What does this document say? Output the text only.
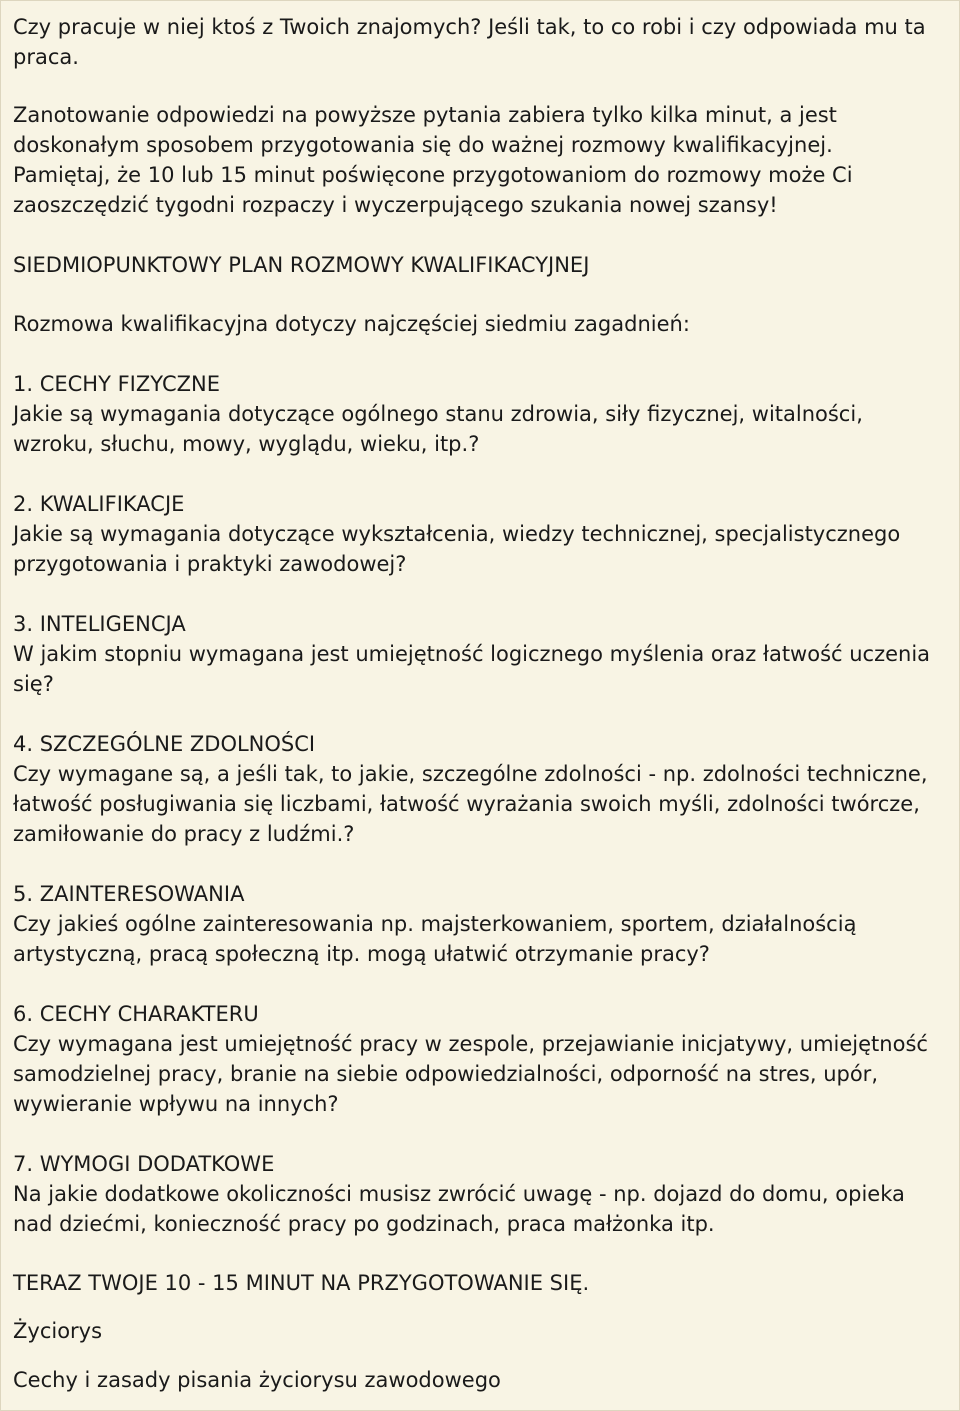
Czy pracuje w niej ktoś z Twoich znajomych? Jeśli tak, to co robi i czy odpowiada mu ta praca.

Zanotowanie odpowiedzi na powyższe pytania zabiera tylko kilka minut, a jest doskonałym sposobem przygotowania się do ważnej rozmowy kwalifikacyjnej.

Pamiętaj, że 10 lub 15 minut poświęcone przygotowaniom do rozmowy może Ci zaoszczędzić tygodni rozpaczy i wyczerpującego szukania nowej szansy!

SIEDMIOPUNKTOWY PLAN ROZMOWY KWALIFIKACYJNEJ

Rozmowa kwalifikacyjna dotyczy najczęściej siedmiu zagadnień:

1. CECHY FIZYCZNE
Jakie są wymagania dotyczące ogólnego stanu zdrowia, siły fizycznej, witalności, wzroku, słuchu, mowy, wyglądu, wieku, itp.?
2. KWALIFIKACJE
Jakie są wymagania dotyczące wykształcenia, wiedzy technicznej, specjalistycznego przygotowania i praktyki zawodowej?
3. INTELIGENCJA
W jakim stopniu wymagana jest umiejętność logicznego myślenia oraz łatwość uczenia się?
4. SZCZEGÓLNE ZDOLNOŚCI
Czy wymagane są, a jeśli tak, to jakie, szczególne zdolności - np. zdolności techniczne, łatwość posługiwania się liczbami, łatwość wyrażania swoich myśli, zdolności twórcze, zamiłowanie do pracy z ludźmi.?
5. ZAINTERESOWANIA
Czy jakieś ogólne zainteresowania np. majsterkowaniem, sportem, działalnością artystyczną, pracą społeczną itp. mogą ułatwić otrzymanie pracy?
6. CECHY CHARAKTERU
Czy wymagana jest umiejętność pracy w zespole, przejawianie inicjatywy, umiejętność samodzielnej pracy, branie na siebie odpowiedzialności, odporność na stres, upór, wywieranie wpływu na innych?
7. WYMOGI DODATKOWE
Na jakie dodatkowe okoliczności musisz zwrócić uwagę - np. dojazd do domu, opieka nad dziećmi, konieczność pracy po godzinach, praca małżonka itp.

TERAZ TWOJE 10 - 15 MINUT NA PRZYGOTOWANIE SIĘ.

Życiorys

Cechy i zasady pisania życiorysu zawodowego
